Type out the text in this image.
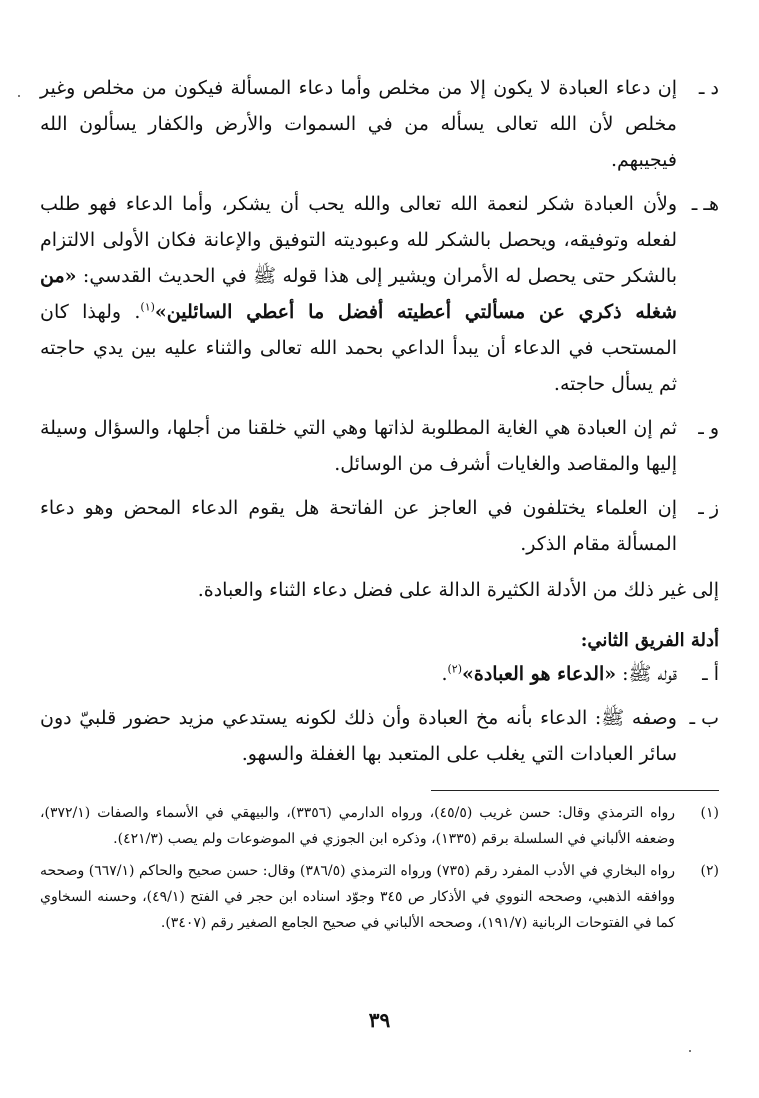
د ـ
إن دعاء العبادة لا يكون إلا من مخلص وأما دعاء المسألة فيكون من مخلص وغير مخلص لأن الله تعالى يسأله من في السموات والأرض والكفار يسألون الله فيجيبهم.
هـ ـ
ولأن العبادة شكر لنعمة الله تعالى والله يحب أن يشكر، وأما الدعاء فهو طلب لفعله وتوفيقه، ويحصل بالشكر لله وعبوديته التوفيق والإعانة فكان الأولى الالتزام بالشكر حتى يحصل له الأمران ويشير إلى هذا قوله ﷺ في الحديث القدسي: «من شغله ذكري عن مسألتي أعطيته أفضل ما أعطي السائلين»$^{(١)}$. ولهذا كان المستحب في الدعاء أن يبدأ الداعي بحمد الله تعالى والثناء عليه بين يدي حاجته ثم يسأل حاجته.
و ـ
ثم إن العبادة هي الغاية المطلوبة لذاتها وهي التي خلقنا من أجلها، والسؤال وسيلة إليها والمقاصد والغايات أشرف من الوسائل.
ز ـ
إن العلماء يختلفون في العاجز عن الفاتحة هل يقوم الدعاء المحض وهو دعاء المسألة مقام الذكر.
إلى غير ذلك من الأدلة الكثيرة الدالة على فضل دعاء الثناء والعبادة.
أدلة الفريق الثاني:
أ ـ
قوله ﷺ: «الدعاء هو العبادة»$^{(٢)}$.
ب ـ
وصفه ﷺ: الدعاء بأنه مخ العبادة وأن ذلك لكونه يستدعي مزيد حضور قلبيّ دون سائر العبادات التي يغلب على المتعبد بها الغفلة والسهو.
(١)
رواه الترمذي وقال: حسن غريب (٤٥/٥)، ورواه الدارمي (٣٣٥٦)، والبيهقي في الأسماء والصفات (٣٧٢/١)، وضعفه الألباني في السلسلة برقم (١٣٣٥)، وذكره ابن الجوزي في الموضوعات ولم يصب (٤٢١/٣).
(٢)
رواه البخاري في الأدب المفرد رقم (٧٣٥) ورواه الترمذي (٣٨٦/٥) وقال: حسن صحيح والحاكم (٦٦٧/١) وصححه ووافقه الذهبي، وصححه النووي في الأذكار ص ٣٤٥ وجوّد اسناده ابن حجر في الفتح (٤٩/١)، وحسنه السخاوي كما في الفتوحات الربانية (١٩١/٧)، وصححه الألباني في صحيح الجامع الصغير رقم (٣٤٠٧).
٣٩
